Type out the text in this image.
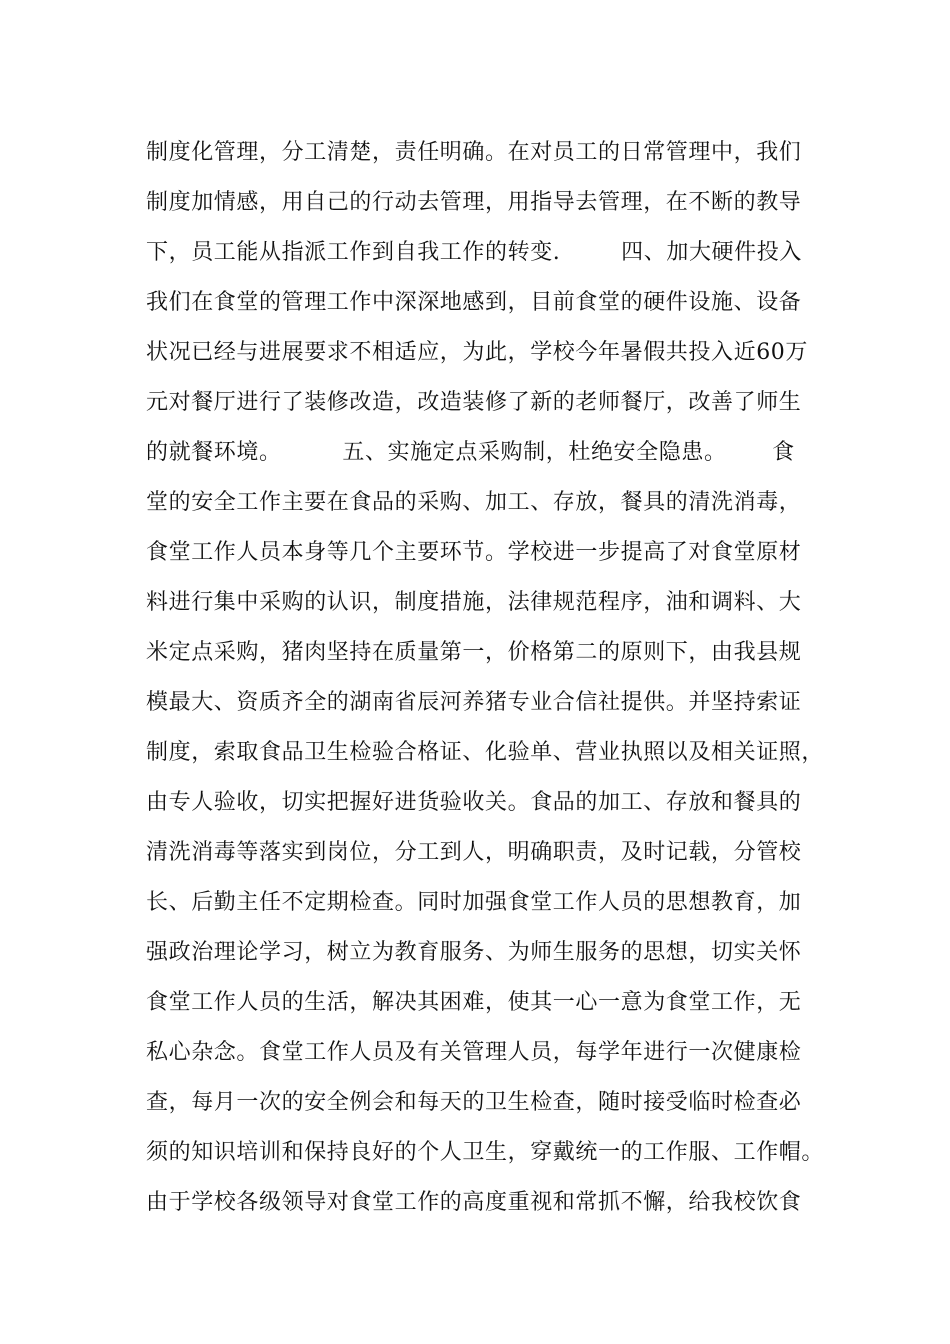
制度化管理，分工清楚，责任明确。在对员工的日常管理中，我们
制度加情感，用自己的行动去管理，用指导去管理，在不断的教导
下，员工能从指派工作到自我工作的转变.        四、加大硬件投入
我们在食堂的管理工作中深深地感到，目前食堂的硬件设施、设备
状况已经与进展要求不相适应，为此，学校今年暑假共投入近60万
元对餐厅进行了装修改造，改造装修了新的老师餐厅，改善了师生
的就餐环境。        五、实施定点采购制，杜绝安全隐患。      食
堂的安全工作主要在食品的采购、加工、存放，餐具的清洗消毒，
食堂工作人员本身等几个主要环节。学校进一步提高了对食堂原材
料进行集中采购的认识，制度措施，法律规范程序，油和调料、大
米定点采购，猪肉坚持在质量第一，价格第二的原则下，由我县规
模最大、资质齐全的湖南省辰河养猪专业合信社提供。并坚持索证
制度，索取食品卫生检验合格证、化验单、营业执照以及相关证照，
由专人验收，切实把握好进货验收关。食品的加工、存放和餐具的
清洗消毒等落实到岗位，分工到人，明确职责，及时记载，分管校
长、后勤主任不定期检查。同时加强食堂工作人员的思想教育，加
强政治理论学习，树立为教育服务、为师生服务的思想，切实关怀
食堂工作人员的生活，解决其困难，使其一心一意为食堂工作，无
私心杂念。食堂工作人员及有关管理人员，每学年进行一次健康检
查，每月一次的安全例会和每天的卫生检查，随时接受临时检查必
须的知识培训和保持良好的个人卫生，穿戴统一的工作服、工作帽。
由于学校各级领导对食堂工作的高度重视和常抓不懈，给我校饮食
